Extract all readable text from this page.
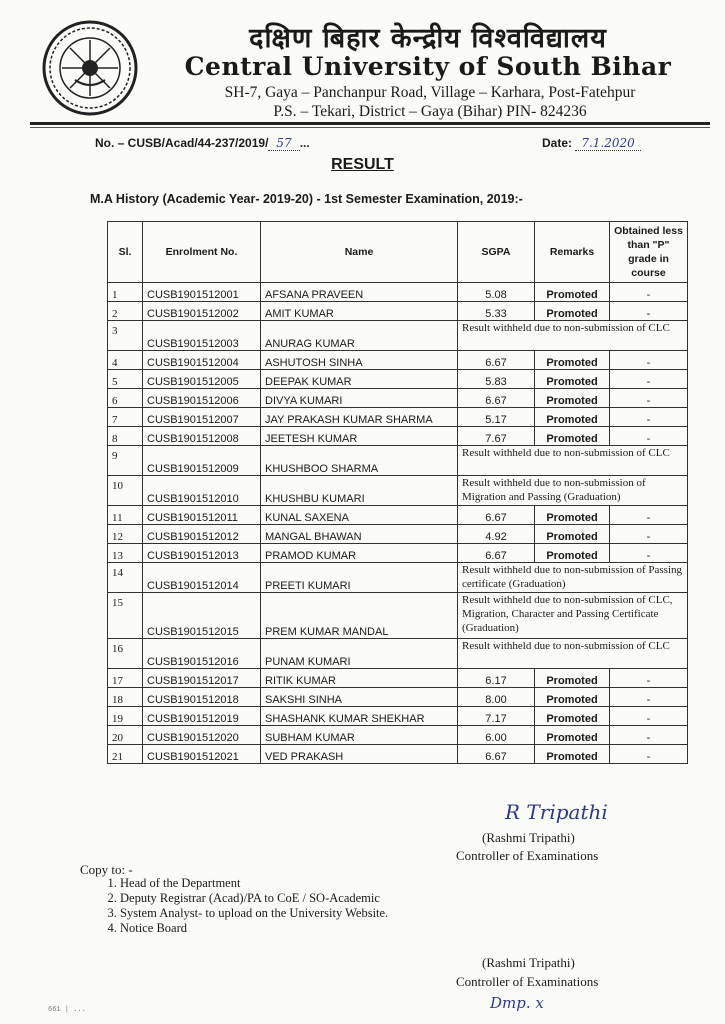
दक्षिण बिहार केन्द्रीय विश्वविद्यालय
Central University of South Bihar
SH-7, Gaya – Panchanpur Road, Village – Karhara, Post-Fatehpur
P.S. – Tekari, District – Gaya (Bihar) PIN- 824236
No. – CUSB/Acad/44-237/2019/ 57 ...	Date: 7.1.2020
RESULT
M.A History (Academic Year- 2019-20) - 1st Semester Examination, 2019:-
Sl.	Enrolment No.	Name	SGPA	Remarks	Obtained less than "P" grade in course
1	CUSB1901512001	AFSANA PRAVEEN	5.08	Promoted	-
2	CUSB1901512002	AMIT KUMAR	5.33	Promoted	-
3	CUSB1901512003	ANURAG KUMAR	Result withheld due to non-submission of CLC		
4	CUSB1901512004	ASHUTOSH SINHA	6.67	Promoted	-
5	CUSB1901512005	DEEPAK KUMAR	5.83	Promoted	-
6	CUSB1901512006	DIVYA KUMARI	6.67	Promoted	-
7	CUSB1901512007	JAY PRAKASH KUMAR SHARMA	5.17	Promoted	-
8	CUSB1901512008	JEETESH KUMAR	7.67	Promoted	-
9	CUSB1901512009	KHUSHBOO SHARMA	Result withheld due to non-submission of CLC		
10	CUSB1901512010	KHUSHBU KUMARI	Result withheld due to non-submission of Migration and Passing (Graduation)		
11	CUSB1901512011	KUNAL SAXENA	6.67	Promoted	-
12	CUSB1901512012	MANGAL BHAWAN	4.92	Promoted	-
13	CUSB1901512013	PRAMOD KUMAR	6.67	Promoted	-
14	CUSB1901512014	PREETI KUMARI	Result withheld due to non-submission of Passing certificate (Graduation)		
15	CUSB1901512015	PREM KUMAR MANDAL	Result withheld due to non-submission of CLC, Migration, Character and Passing Certificate (Graduation)		
16	CUSB1901512016	PUNAM KUMARI	Result withheld due to non-submission of CLC		
17	CUSB1901512017	RITIK KUMAR	6.17	Promoted	-
18	CUSB1901512018	SAKSHI SINHA	8.00	Promoted	-
19	CUSB1901512019	SHASHANK KUMAR SHEKHAR	7.17	Promoted	-
20	CUSB1901512020	SUBHAM KUMAR	6.00	Promoted	-
21	CUSB1901512021	VED PRAKASH	6.67	Promoted	-
R Tripathi
(Rashmi Tripathi)
Controller of Examinations
Copy to: -
1. Head of the Department
2. Deputy Registrar (Acad)/PA to CoE / SO-Academic
3. System Analyst- to upload on the University Website.
4. Notice Board
(Rashmi Tripathi)
Controller of Examinations
Dmp. x
661 | ...
